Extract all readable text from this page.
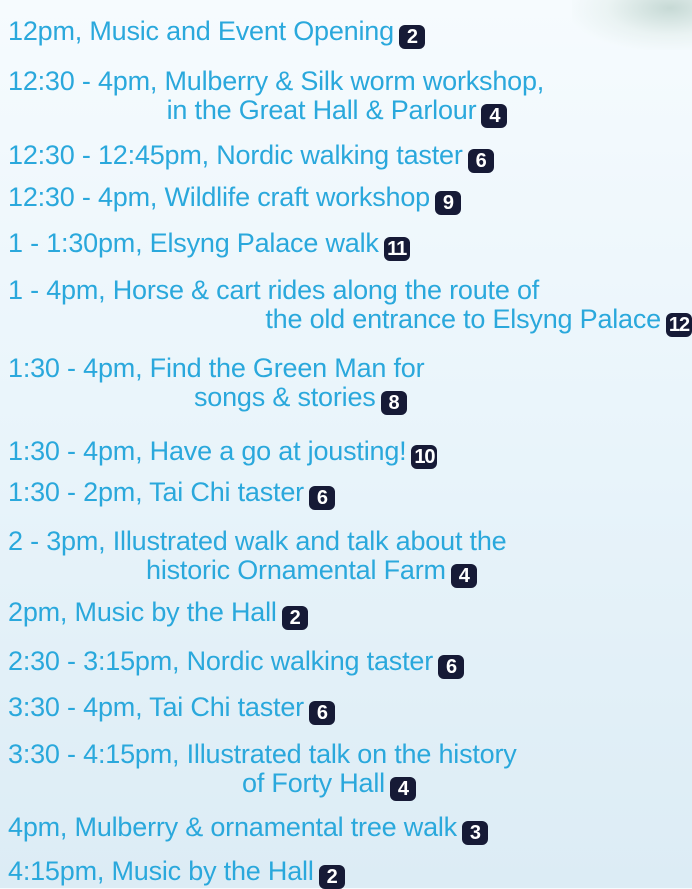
12pm, Music and Event Opening 2
12:30 - 4pm, Mulberry & Silk worm workshop,
in the Great Hall & Parlour 4
12:30 - 12:45pm, Nordic walking taster 6
12:30 - 4pm, Wildlife craft workshop 9
1 - 1:30pm, Elsyng Palace walk 11
1 - 4pm, Horse & cart rides along the route of
the old entrance to Elsyng Palace 12
1:30 - 4pm, Find the Green Man for
songs & stories 8
1:30 - 4pm, Have a go at jousting! 10
1:30 - 2pm, Tai Chi taster 6
2 - 3pm, Illustrated walk and talk about the
historic Ornamental Farm 4
2pm, Music by the Hall 2
2:30 - 3:15pm, Nordic walking taster 6
3:30 - 4pm, Tai Chi taster 6
3:30 - 4:15pm, Illustrated talk on the history
of Forty Hall 4
4pm, Mulberry & ornamental tree walk 3
4:15pm, Music by the Hall 2
